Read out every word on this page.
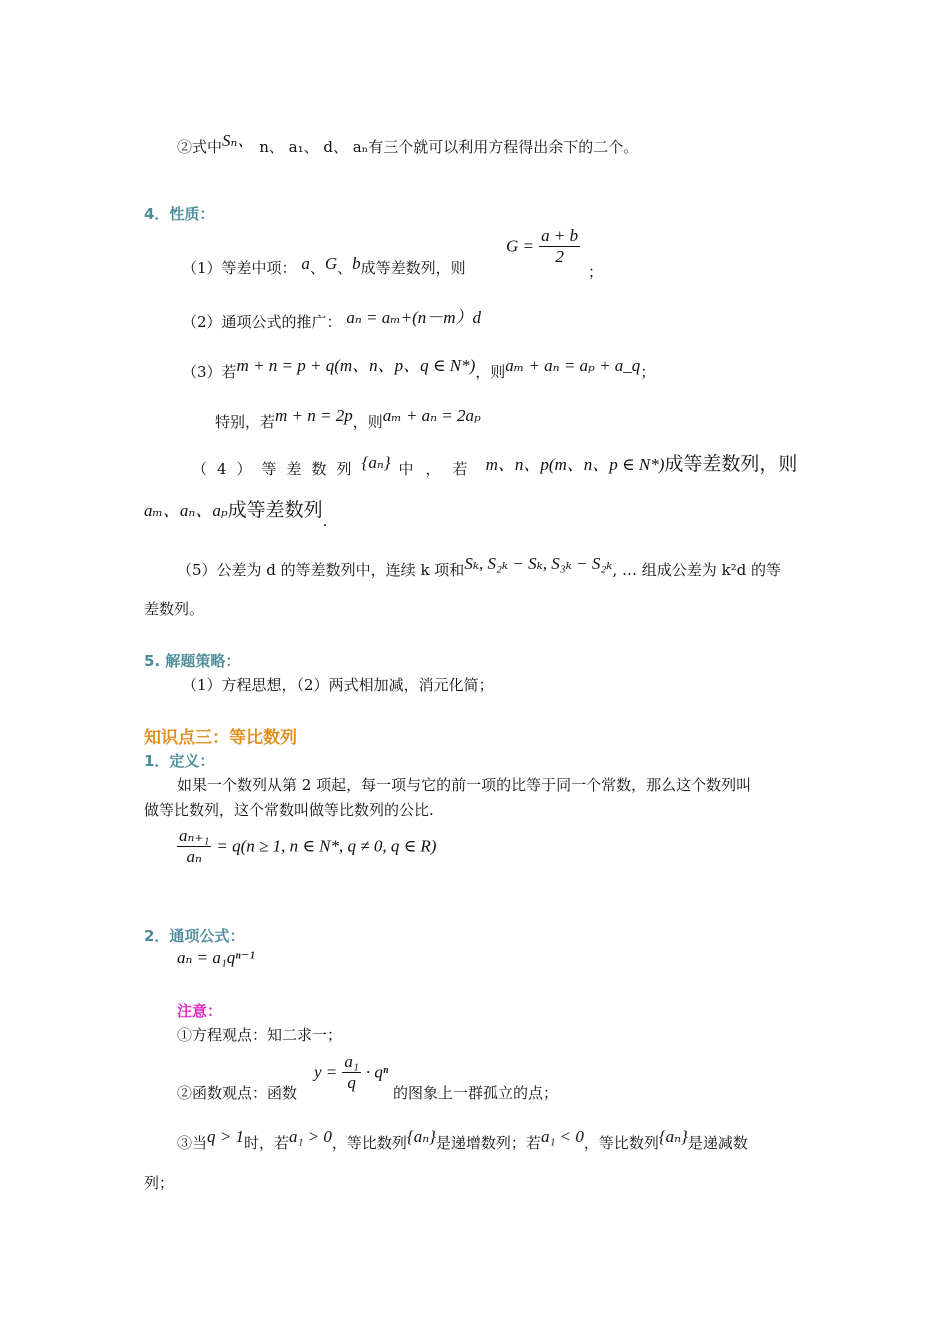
②式中Sₙ、 n、 a₁、 d、 aₙ有三个就可以利用方程得出余下的二个。
4．性质：
（1）等差中项： a、G、b成等差数列，则
$G = \frac{a + b}{2}$
；
（2）通项公式的推广： aₙ = aₘ+(n－m）d
（3）若m + n = p + q(m、n、p、q ∈ N*)，则aₘ + aₙ = aₚ + a_q；
特别，若m + n = 2p，则aₘ + aₙ = 2aₚ
（4）等差数列{aₙ} 中，若 m、n、p(m、n、p ∈ N*)成等差数列，则
aₘ、aₙ、aₚ成等差数列.
（5）公差为 d 的等差数列中，连续 k 项和Sₖ, S₂ₖ − Sₖ, S₃ₖ − S₂ₖ, … 组成公差为 k²d 的等
差数列。
5. 解题策略：
（1）方程思想，（2）两式相加减，消元化简；
知识点三：等比数列
1．定义：
如果一个数列从第 2 项起，每一项与它的前一项的比等于同一个常数，那么这个数列叫
做等比数列，这个常数叫做等比数列的公比.
$\frac{\text{aₙ₊₁}}{\text{aₙ}} = q(n \ge 1$, n ∈ N*, q ≠ 0, q ∈ R)
2．通项公式：
aₙ = a₁qⁿ⁻¹
注意：
①方程观点：知二求一；
②函数观点：函数
$y = \frac{\text{a₁}}{q} \cdot q^n$
的图象上一群孤立的点；
③当q > 1时，若a₁ > 0，等比数列{aₙ}是递增数列；若a₁ < 0，等比数列{aₙ}是递减数
列；
